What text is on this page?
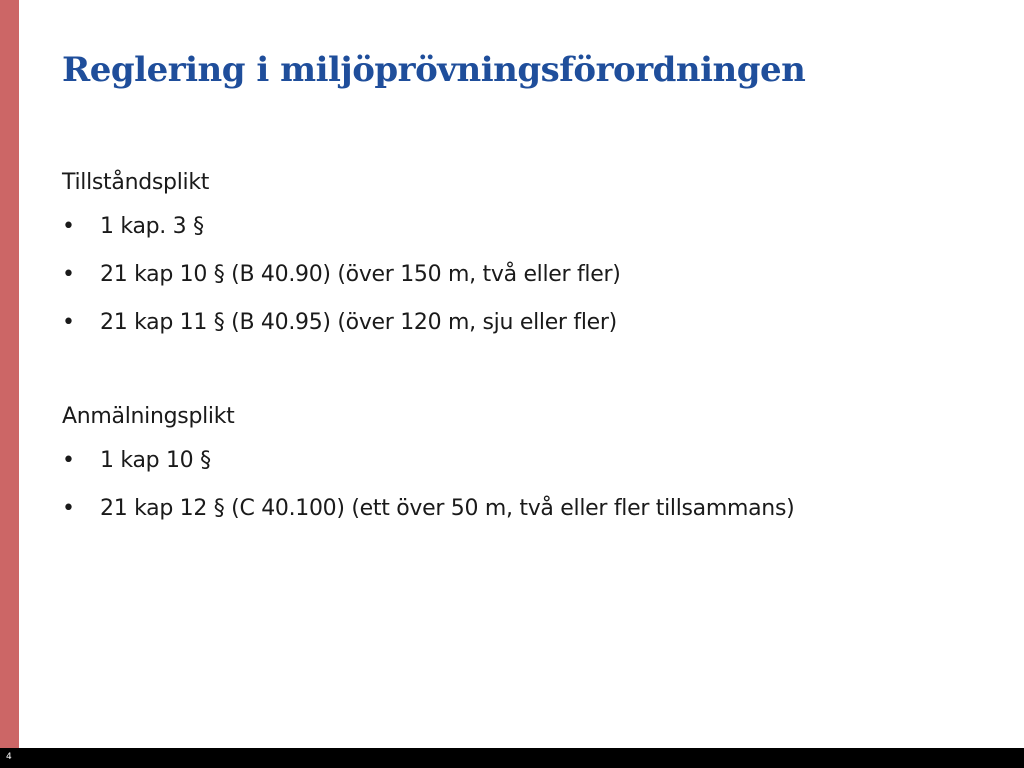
Reglering i miljöprövningsförordningen

Tillståndsplikt

• 1 kap. 3 §
• 21 kap 10 § (B 40.90) (över 150 m, två eller fler)
• 21 kap 11 § (B 40.95) (över 120 m, sju eller fler)

Anmälningsplikt

• 1 kap 10 §
• 21 kap 12 § (C 40.100) (ett över 50 m, två eller fler tillsammans)
4
